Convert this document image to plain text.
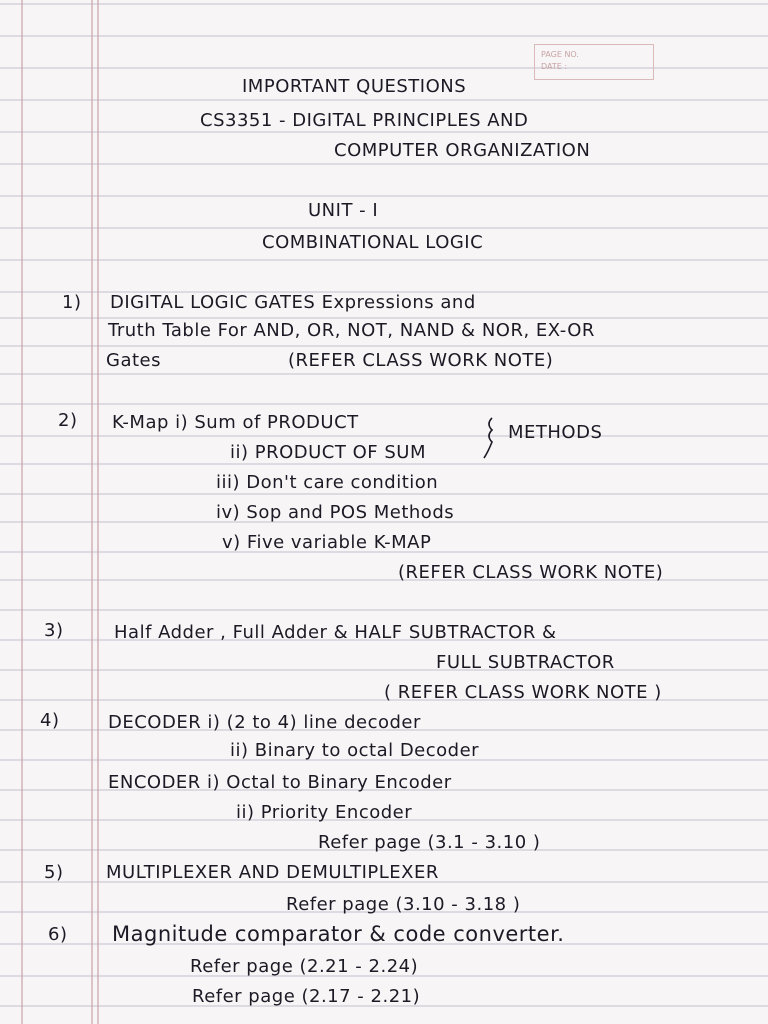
PAGE NO.
DATE :
IMPORTANT QUESTIONS
CS3351 - DIGITAL PRINCIPLES AND
COMPUTER ORGANIZATION
UNIT - I
COMBINATIONAL LOGIC
1) DIGITAL LOGIC GATES Expressions and
Truth Table For AND, OR, NOT, NAND & NOR, EX-OR
Gates	(REFER CLASS WORK NOTE)
2) K-Map i) Sum of PRODUCT	METHODS
ii) PRODUCT OF SUM
iii) Don't care condition
iv) Sop and POS Methods
v) Five variable K-MAP
(REFER CLASS WORK NOTE)
3)	Half Adder , Full Adder & HALF SUBTRACTOR &
FULL SUBTRACTOR
( REFER CLASS WORK NOTE )
4)	DECODER i) (2 to 4) line decoder
ii) Binary to octal Decoder
ENCODER i) Octal to Binary Encoder
ii) Priority Encoder
Refer page (3.1 - 3.10 )
5) MULTIPLEXER AND DEMULTIPLEXER
Refer page (3.10 - 3.18 )
6) Magnitude comparator & code converter.
Refer page (2.21 - 2.24)
Refer page (2.17 - 2.21)
